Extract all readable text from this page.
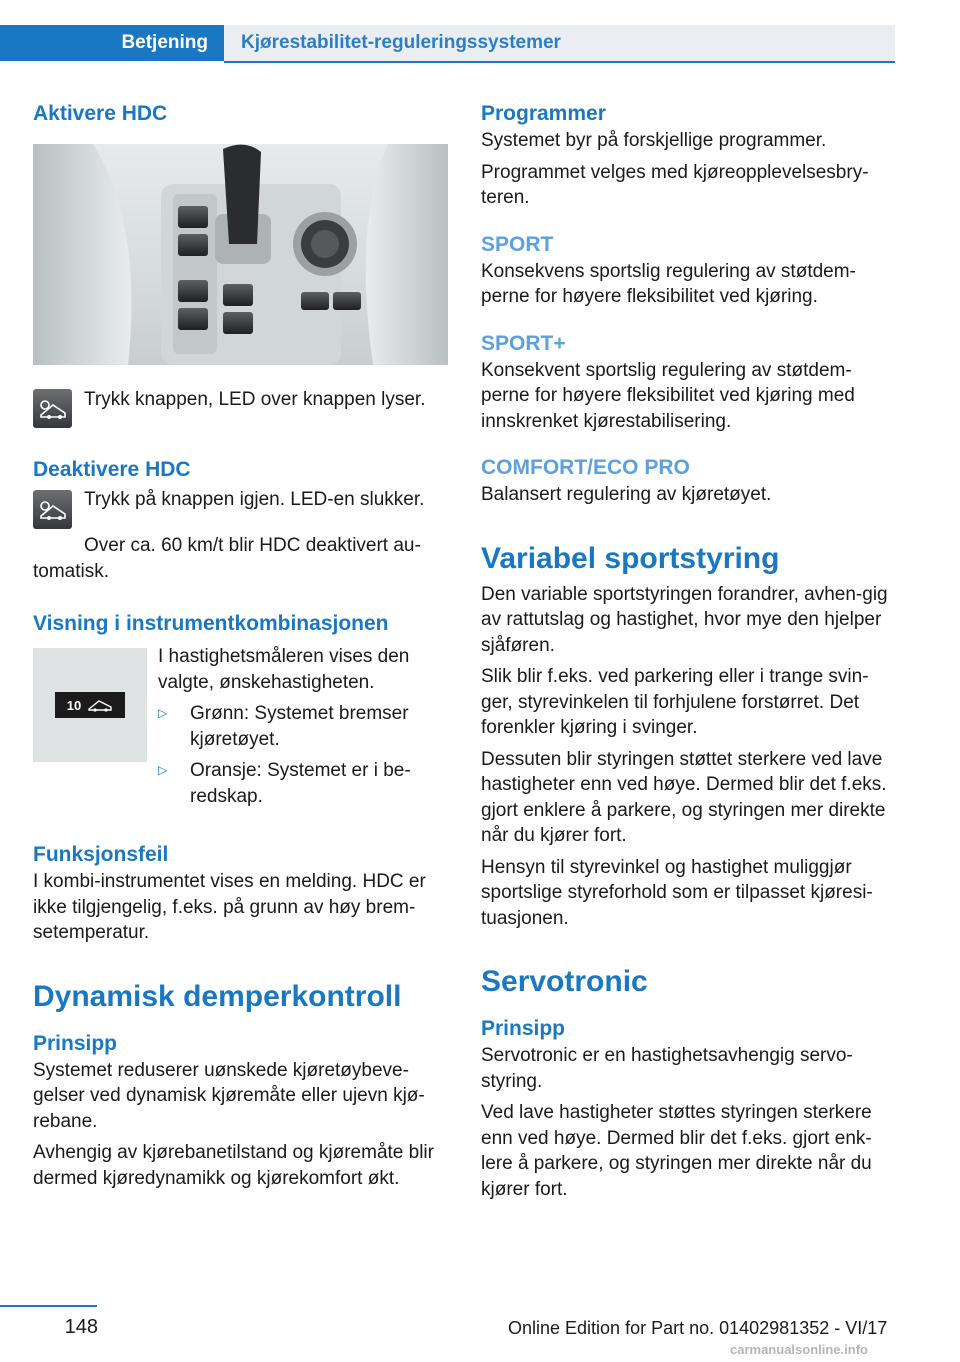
Betjening	Kjørestabilitet-reguleringssystemer
Aktivere HDC
Trykk knappen, LED over knappen lyser.
Deaktivere HDC
Trykk på knappen igjen. LED-en slukker.
Over ca. 60 km/t blir HDC deaktivert au-tomatisk.
Visning i instrumentkombinasjonen
10
I hastighetsmåleren vises den valgte, ønskehastigheten.
▷	Grønn: Systemet bremser kjøretøyet.
▷	Oransje: Systemet er i be-redskap.
Funksjonsfeil
I kombi-instrumentet vises en melding. HDC er ikke tilgjengelig, f.eks. på grunn av høy brem-setemperatur.
Dynamisk demperkontroll
Prinsipp
Systemet reduserer uønskede kjøretøybeve-gelser ved dynamisk kjøremåte eller ujevn kjø-rebane.
Avhengig av kjørebanetilstand og kjøremåte blir dermed kjøredynamikk og kjørekomfort økt.
Programmer
Systemet byr på forskjellige programmer.
Programmet velges med kjøreopplevelsesbry-teren.
SPORT
Konsekvens sportslig regulering av støtdem-perne for høyere fleksibilitet ved kjøring.
SPORT+
Konsekvent sportslig regulering av støtdem-perne for høyere fleksibilitet ved kjøring med innskrenket kjørestabilisering.
COMFORT/ECO PRO
Balansert regulering av kjøretøyet.
Variabel sportstyring
Den variable sportstyringen forandrer, avhen-gig av rattutslag og hastighet, hvor mye den hjelper sjåføren.
Slik blir f.eks. ved parkering eller i trange svin-ger, styrevinkelen til forhjulene forstørret. Det forenkler kjøring i svinger.
Dessuten blir styringen støttet sterkere ved lave hastigheter enn ved høye. Dermed blir det f.eks. gjort enklere å parkere, og styringen mer direkte når du kjører fort.
Hensyn til styrevinkel og hastighet muliggjør sportslige styreforhold som er tilpasset kjøresi-tuasjonen.
Servotronic
Prinsipp
Servotronic er en hastighetsavhengig servo-styring.
Ved lave hastigheter støttes styringen sterkere enn ved høye. Dermed blir det f.eks. gjort enk-lere å parkere, og styringen mer direkte når du kjører fort.
148	Online Edition for Part no. 01402981352 - VI/17
carmanualsonline.info
